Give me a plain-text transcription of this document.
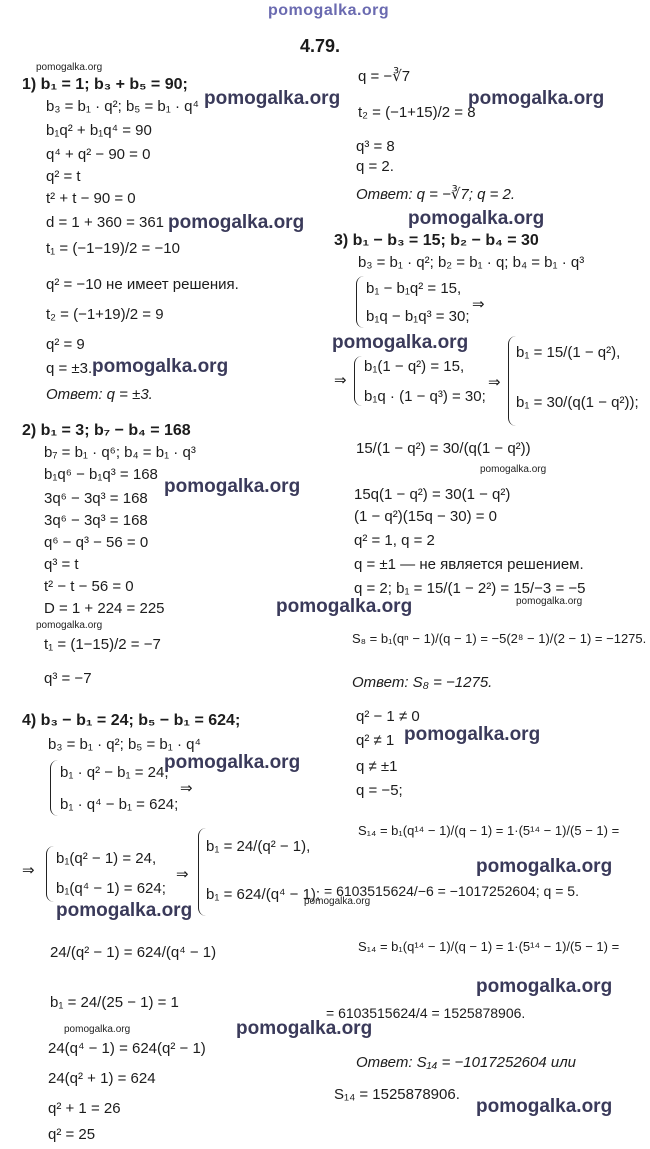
pomogalka.org
4.79.
pomogalka.org
1) b₁ = 1; b₃ + b₅ = 90;
b₃ = b₁ · q²; b₅ = b₁ · q⁴
b₁q² + b₁q⁴ = 90
q⁴ + q² − 90 = 0
q² = t
t² + t − 90 = 0
d = 1 + 360 = 361
t₁ = (−1−19)/2 = −10
q² = −10 не имеет решения.
t₂ = (−1+19)/2 = 9
q² = 9
q = ±3.
Ответ: q = ±3.
2) b₁ = 3; b₇ − b₄ = 168
b₇ = b₁ · q⁶; b₄ = b₁ · q³
b₁q⁶ − b₁q³ = 168
3q⁶ − 3q³ = 168
3q⁶ − 3q³ = 168
q⁶ − q³ − 56 = 0
q³ = t
t² − t − 56 = 0
D = 1 + 224 = 225
t₁ = (1−15)/2 = −7
q³ = −7
4) b₃ − b₁ = 24; b₅ − b₁ = 624;
b₃ = b₁ · q²; b₅ = b₁ · q⁴
b₁ · q² − b₁ = 24,
b₁ · q⁴ − b₁ = 624;
⇒
⇒
b₁(q² − 1) = 24,
b₁(q⁴ − 1) = 624;
⇒
b₁ = 24/(q² − 1),
b₁ = 624/(q⁴ − 1);
24/(q² − 1) = 624/(q⁴ − 1)
b₁ = 24/(25 − 1) = 1
pomogalka.org
24(q⁴ − 1) = 624(q² − 1)
24(q² + 1) = 624
q² + 1 = 26
q² = 25
q = −∛7
t₂ = (−1+15)/2 = 8
q³ = 8
q = 2.
Ответ: q = −∛7; q = 2.
3) b₁ − b₃ = 15; b₂ − b₄ = 30
b₃ = b₁ · q²; b₂ = b₁ · q; b₄ = b₁ · q³
b₁ − b₁q² = 15,
b₁q − b₁q³ = 30;
⇒
⇒
b₁(1 − q²) = 15,
b₁q · (1 − q³) = 30;
⇒
b₁ = 15/(1 − q²),
b₁ = 30/(q(1 − q²));
15/(1 − q²) = 30/(q(1 − q²))
pomogalka.org
15q(1 − q²) = 30(1 − q²)
(1 − q²)(15q − 30) = 0
q² = 1, q = 2
q = ±1 — не является решением.
q = 2; b₁ = 15/(1 − 2²) = 15/−3 = −5
pomogalka.org
S₈ = b₁(qⁿ − 1)/(q − 1) = −5(2⁸ − 1)/(2 − 1) = −1275.
Ответ: S₈ = −1275.
q² − 1 ≠ 0
q² ≠ 1
q ≠ ±1
q = −5;
S₁₄ = b₁(q¹⁴ − 1)/(q − 1) = 1·(5¹⁴ − 1)/(5 − 1) =
pomogalka.org
= 6103515624/−6 = −1017252604; q = 5.
S₁₄ = b₁(q¹⁴ − 1)/(q − 1) = 1·(5¹⁴ − 1)/(5 − 1) =
= 6103515624/4 = 1525878906.
Ответ: S₁₄ = −1017252604 или
S₁₄ = 1525878906.
pomogalka.org	pomogalka.org
pomogalka.org	pomogalka.org
pomogalka.org
pomogalka.org
pomogalka.org
pomogalka.org
pomogalka.org
pomogalka.org
pomogalka.org
pomogalka.org
pomogalka.org
pomogalka.org
pomogalka.org
pomogalka.org
